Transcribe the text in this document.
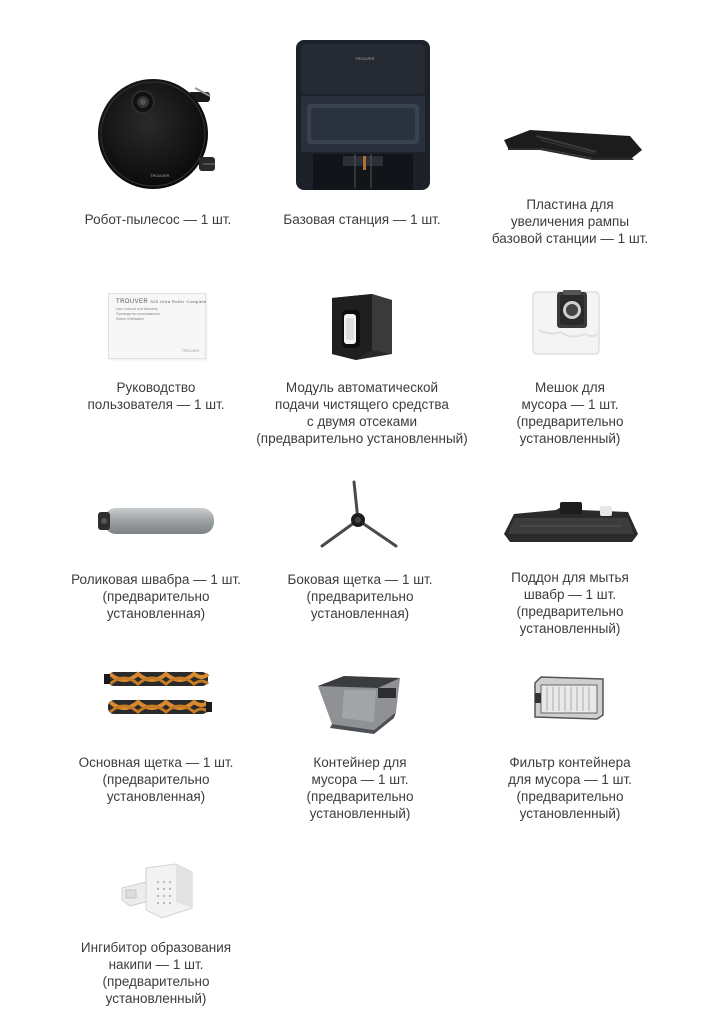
TROUVER
Робот-пылесос — 1 шт.
TROUVER
Базовая станция — 1 шт.
Пластина для
увеличения рампы
базовой станции — 1 шт.
TROUVER S20 Ultra Roller Complete
User manual and Warranty
Руководство пользователя
Notice d'utilisation
TROUVER
Руководство
пользователя — 1 шт.
Модуль автоматической
подачи чистящего средства
с двумя отсеками
(предварительно установленный)
Мешок для
мусора — 1 шт.
(предварительно
установленный)
Роликовая швабра — 1 шт.
(предварительно
установленная)
Боковая щетка — 1 шт.
(предварительно
установленная)
Поддон для мытья
швабр — 1 шт.
(предварительно
установленный)
Основная щетка — 1 шт.
(предварительно
установленная)
Контейнер для
мусора — 1 шт.
(предварительно
установленный)
Фильтр контейнера
для мусора — 1 шт.
(предварительно
установленный)
Ингибитор образования
накипи — 1 шт.
(предварительно
установленный)
